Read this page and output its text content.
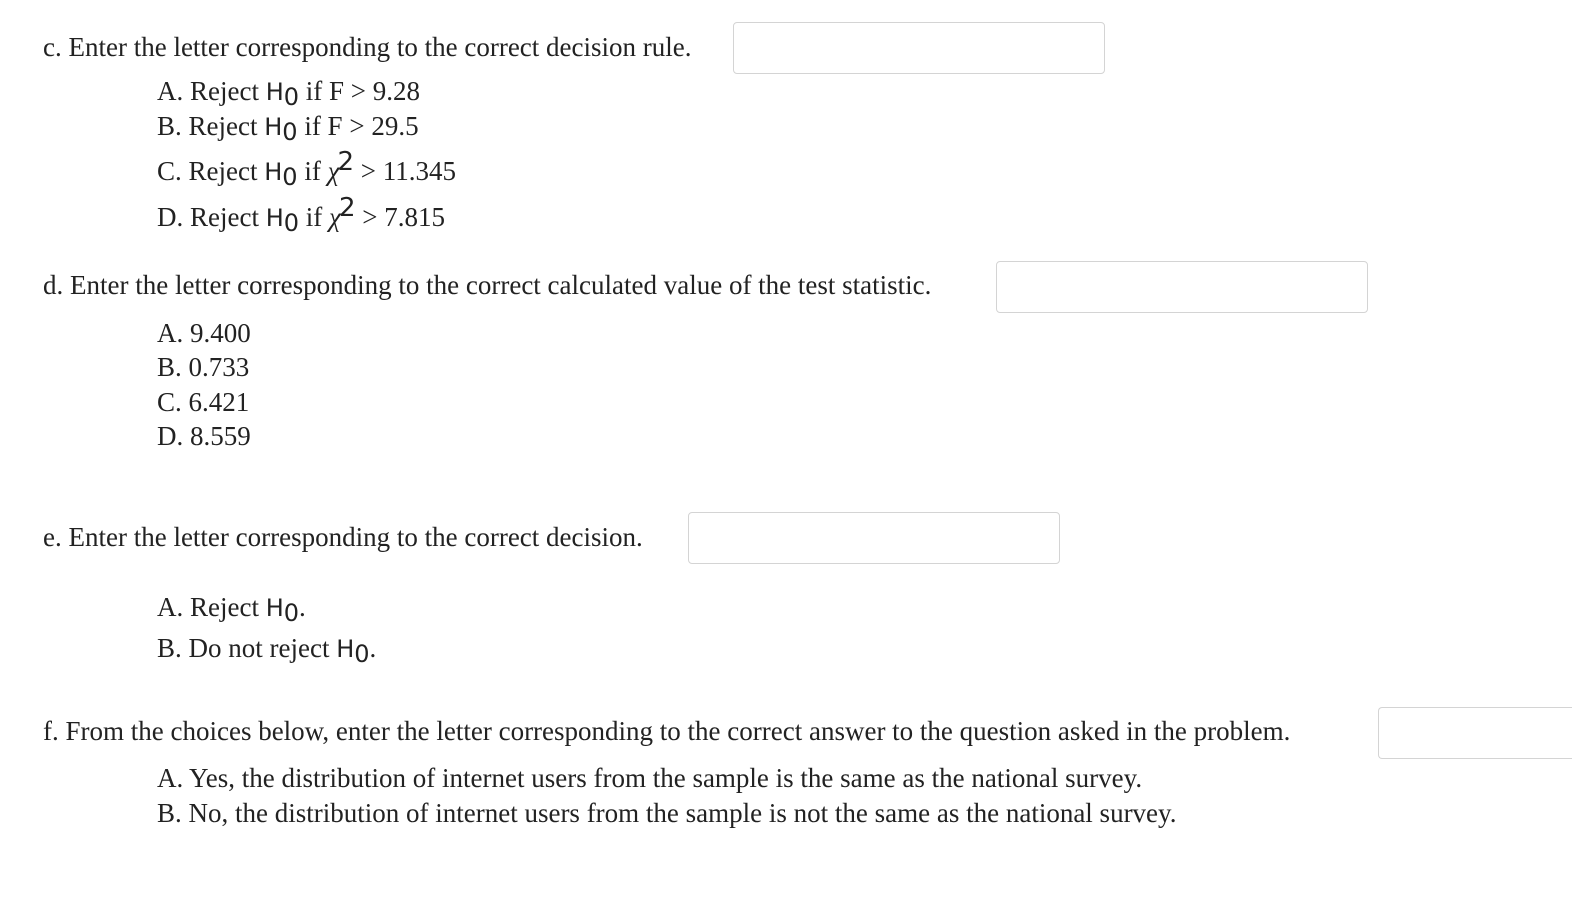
c. Enter the letter corresponding to the correct decision rule.
A. Reject H0 if F > 9.28
B. Reject H0 if F > 29.5
C. Reject H0 if χ2 > 11.345
D. Reject H0 if χ2 > 7.815
d. Enter the letter corresponding to the correct calculated value of the test statistic.
A. 9.400
B. 0.733
C. 6.421
D. 8.559
e. Enter the letter corresponding to the correct decision.
A. Reject H0.
B. Do not reject H0.
f. From the choices below, enter the letter corresponding to the correct answer to the question asked in the problem.
A. Yes, the distribution of internet users from the sample is the same as the national survey.
B. No, the distribution of internet users from the sample is not the same as the national survey.
